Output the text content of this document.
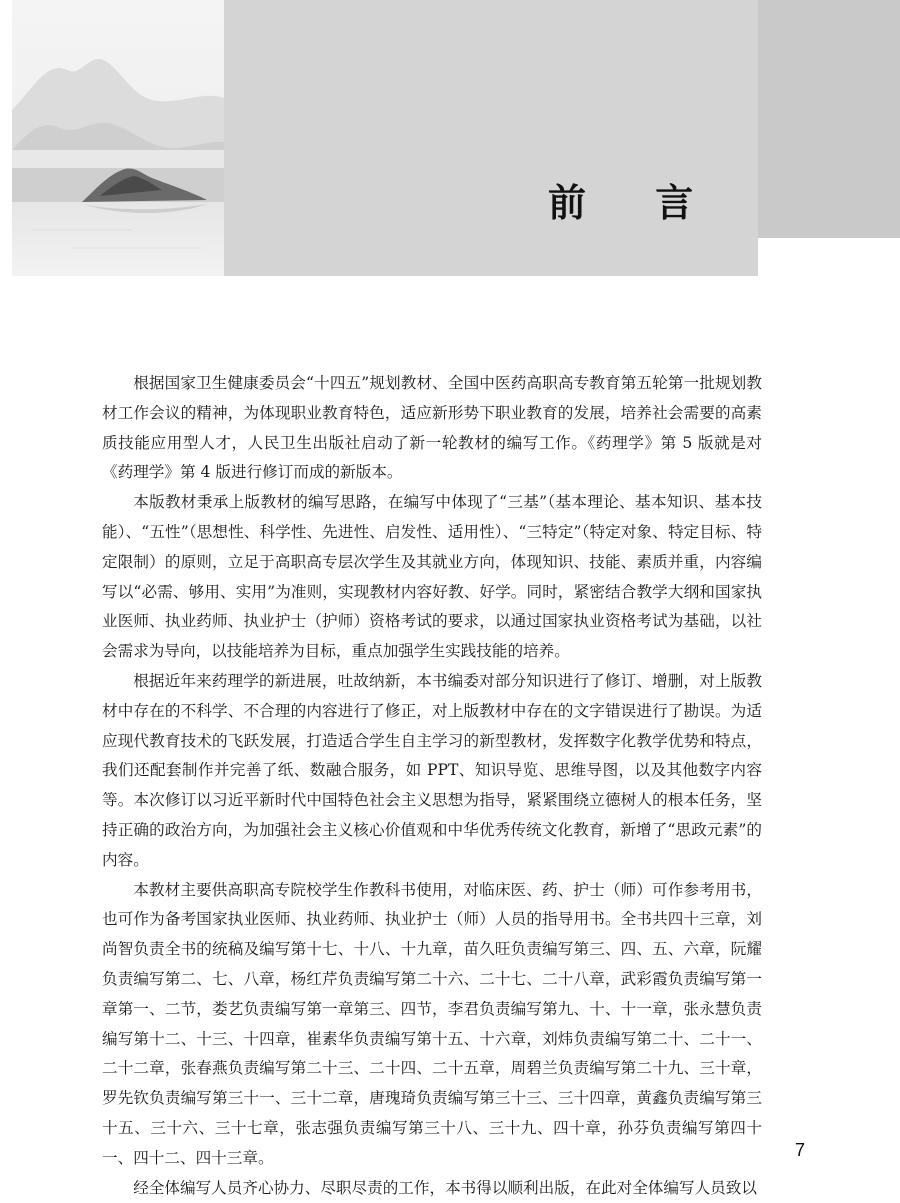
前 言

根据国家卫生健康委员会“十四五”规划教材、全国中医药高职高专教育第五轮第一批规划教材工作会议的精神，为体现职业教育特色，适应新形势下职业教育的发展，培养社会需要的高素质技能应用型人才，人民卫生出版社启动了新一轮教材的编写工作。《药理学》第 5 版就是对《药理学》第 4 版进行修订而成的新版本。

本版教材秉承上版教材的编写思路，在编写中体现了“三基”（基本理论、基本知识、基本技能）、“五性”（思想性、科学性、先进性、启发性、适用性）、“三特定”（特定对象、特定目标、特定限制）的原则，立足于高职高专层次学生及其就业方向，体现知识、技能、素质并重，内容编写以“必需、够用、实用”为准则，实现教材内容好教、好学。同时，紧密结合教学大纲和国家执业医师、执业药师、执业护士（护师）资格考试的要求，以通过国家执业资格考试为基础，以社会需求为导向，以技能培养为目标，重点加强学生实践技能的培养。

根据近年来药理学的新进展，吐故纳新，本书编委对部分知识进行了修订、增删，对上版教材中存在的不科学、不合理的内容进行了修正，对上版教材中存在的文字错误进行了勘误。为适应现代教育技术的飞跃发展，打造适合学生自主学习的新型教材，发挥数字化教学优势和特点，我们还配套制作并完善了纸、数融合服务，如 PPT、知识导览、思维导图，以及其他数字内容等。本次修订以习近平新时代中国特色社会主义思想为指导，紧紧围绕立德树人的根本任务，坚持正确的政治方向，为加强社会主义核心价值观和中华优秀传统文化教育，新增了“思政元素”的内容。

本教材主要供高职高专院校学生作教科书使用，对临床医、药、护士（师）可作参考用书，也可作为备考国家执业医师、执业药师、执业护士（师）人员的指导用书。全书共四十三章，刘尚智负责全书的统稿及编写第十七、十八、十九章，苗久旺负责编写第三、四、五、六章，阮耀负责编写第二、七、八章，杨红芹负责编写第二十六、二十七、二十八章，武彩霞负责编写第一章第一、二节，娄艺负责编写第一章第三、四节，李君负责编写第九、十、十一章，张永慧负责编写第十二、十三、十四章，崔素华负责编写第十五、十六章，刘炜负责编写第二十、二十一、二十二章，张春燕负责编写第二十三、二十四、二十五章，周碧兰负责编写第二十九、三十章，罗先钦负责编写第三十一、三十二章，唐瑰琦负责编写第三十三、三十四章，黄鑫负责编写第三十五、三十六、三十七章，张志强负责编写第三十八、三十九、四十章，孙芬负责编写第四十一、四十二、四十三章。

经全体编写人员齐心协力、尽职尽责的工作，本书得以顺利出版，在此对全体编写人员致以

7
